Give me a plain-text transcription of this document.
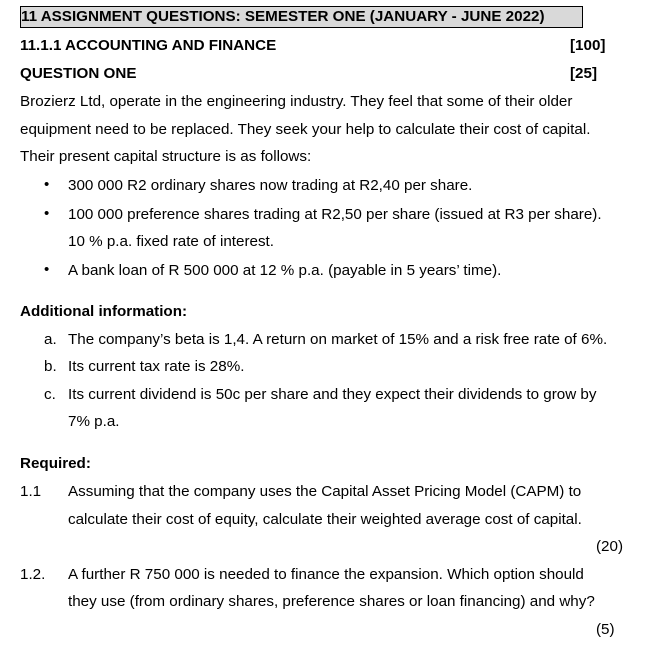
11 ASSIGNMENT QUESTIONS: SEMESTER ONE (JANUARY - JUNE 2022)
11.1.1 ACCOUNTING AND FINANCE	[100]
QUESTION ONE	[25]
Brozierz Ltd, operate in the engineering industry. They feel that some of their older
equipment need to be replaced. They seek your help to calculate their cost of capital.
Their present capital structure is as follows:
• 300 000 R2 ordinary shares now trading at R2,40 per share.
• 100 000 preference shares trading at R2,50 per share (issued at R3 per share).
10 % p.a. fixed rate of interest.
• A bank loan of R 500 000 at 12 % p.a. (payable in 5 years’ time).
Additional information:
a. The company’s beta is 1,4. A return on market of 15% and a risk free rate of 6%.
b. Its current tax rate is 28%.
c. Its current dividend is 50c per share and they expect their dividends to grow by
7% p.a.
Required:
1.1 Assuming that the company uses the Capital Asset Pricing Model (CAPM) to
calculate their cost of equity, calculate their weighted average cost of capital.
(20)
1.2. A further R 750 000 is needed to finance the expansion. Which option should
they use (from ordinary shares, preference shares or loan financing) and why?
(5)
